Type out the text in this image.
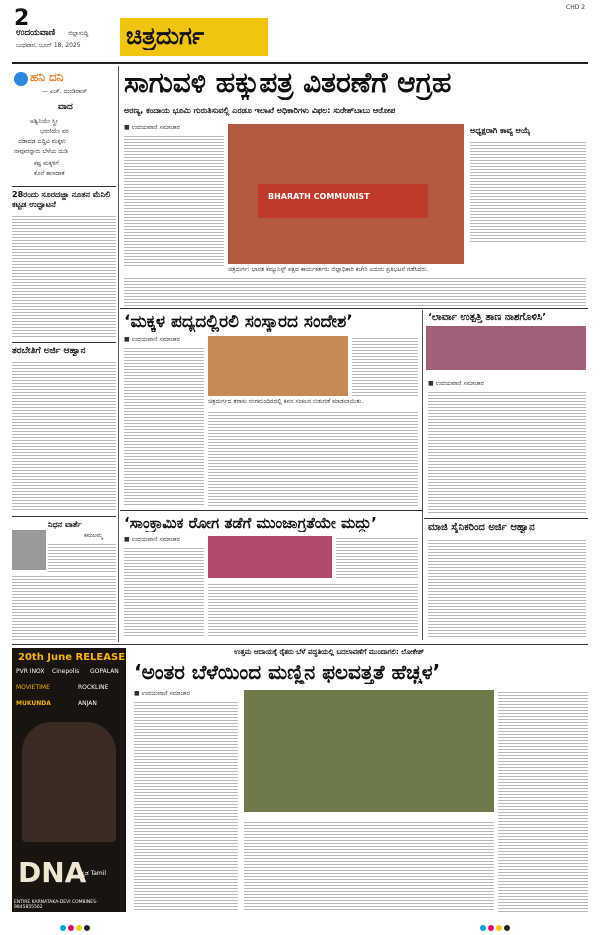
2
ಉದಯವಾಣಿ ಜಿಲ್ಲಾಸುದ್ದಿ
ಬುಧವಾರ, ಜೂನ್‌ 18, 2025 ಚಿತ್ರದುರ್ಗ
CHD 2
ಹನಿ ದನಿ
— ಎಚ್‌. ದುಂಡಿರಾಜ್‌
ವಾದ
ಅಶ್ವಿನಿಯೇ ಸ್ತ್ರೀ
ಭರಣಿಯೇ ವರ
ದಡಾದಡ ಬಿದ್ದಿವಿ ಮಕ್ಕಳು
ನಾವೂರನ್ನಾರು ಬೆಳೆಯ ದುಡಿ
ಕಷ್ಟ ಮಕ್ಕಳಿಗೆ
ಕೊನೆ ಕಾಣದಾತ
28ರಂದು ಸೂರದಜ್ಜಾ ನೂತನ ಮೆನಿಲಿ ಕಟ್ಟಡ ಉದ್ಘಾಟನೆ
ತರಬೇತಿಗೆ ಅರ್ಜಿ ಆಹ್ವಾನ
ನಿಧನ ವಾರ್ತೆ
ಕಮಲಮ್ಮ
ಸಾಗುವಳಿ ಹಕ್ಕುಪತ್ರ ವಿತರಣೆಗೆ ಆಗ್ರಹ
ಅರಣ್ಯ, ಕಂದಾಯ ಭೂಮಿ ಗುರುತಿಸುವಲ್ಲಿ ಎರಡೂ ಇಲಾಖೆ ಅಧಿಕಾರಿಗಳು ವಿಫಲ: ಸುರೇಶ್‌ಬಾಬು ಆರೋಪ
■ ಉದಯವಾಣಿ ಸಮಾಚಾರ
BHARATH COMMUNIST
ಚಿತ್ರದುರ್ಗ: ಭಾರತ ಕಮ್ಯುನಿಸ್ಟ್ ಪಕ್ಷದ ಕಾರ್ಯಕರ್ತರು ಜಿಲ್ಲಾಧಿಕಾರಿ ಕಚೇರಿ ಎದುರು ಪ್ರತಿಭಟನೆ ನಡೆಸಿದರು.
ಅಧ್ಯಕ್ಷರಾಗಿ ಕಾವ್ಯ ಆಯ್ಕೆ
‘ಮಕ್ಕಳ ಪದ್ಯದಲ್ಲಿರಲಿ ಸಂಸ್ಕಾರದ ಸಂದೇಶ’
■ ಉದಯವಾಣಿ ಸಮಾಚಾರ
ಚಿತ್ರದುರ್ಗದ ತರಾಸು ರಂಗಮಂದಿರದಲ್ಲಿ ಕವನ ಸಂಕಲನ ಬಿಡುಗಡೆ ಮಾಡಲಾಯಿತು.
‘ಲಾರ್ವಾ ಉತ್ಪತ್ತಿ ತಾಣ ನಾಶಗೊಳಿಸಿ’
■ ಉದಯವಾಣಿ ಸಮಾಚಾರ
‘ಸಾಂಕ್ರಾಮಿಕ ರೋಗ ತಡೆಗೆ ಮುಂಜಾಗ್ರತೆಯೇ ಮದ್ದು’
■ ಉದಯವಾಣಿ ಸಮಾಚಾರ
ಮಾಜಿ ಸೈನಿಕರಿಂದ ಅರ್ಜಿ ಆಹ್ವಾನ
20th June RELEASE
PVR INOX Cinepolis GOPALAN
MOVIETIME	ROCKLINE
MUKUNDA	ANJAN
DNA
ಕನ್ನಡ Tamil
ENTIRE KARNATAKA-DEVI COMBINES-9845855562
ಉತ್ತಮ ಆದಾಯಕ್ಕೆ ರೈತರು ಬೆಳೆ ಪದ್ಧತಿಯಲ್ಲಿ ಬದಲಾವಣೆಗೆ ಮುಂದಾಗಲಿ: ಲೋಕೇಶ್‌
‘ಅಂತರ ಬೆಳೆಯಿಂದ ಮಣ್ಣಿನ ಫಲವತ್ತತೆ ಹೆಚ್ಚಳ’
■ ಉದಯವಾಣಿ ಸಮಾಚಾರ
